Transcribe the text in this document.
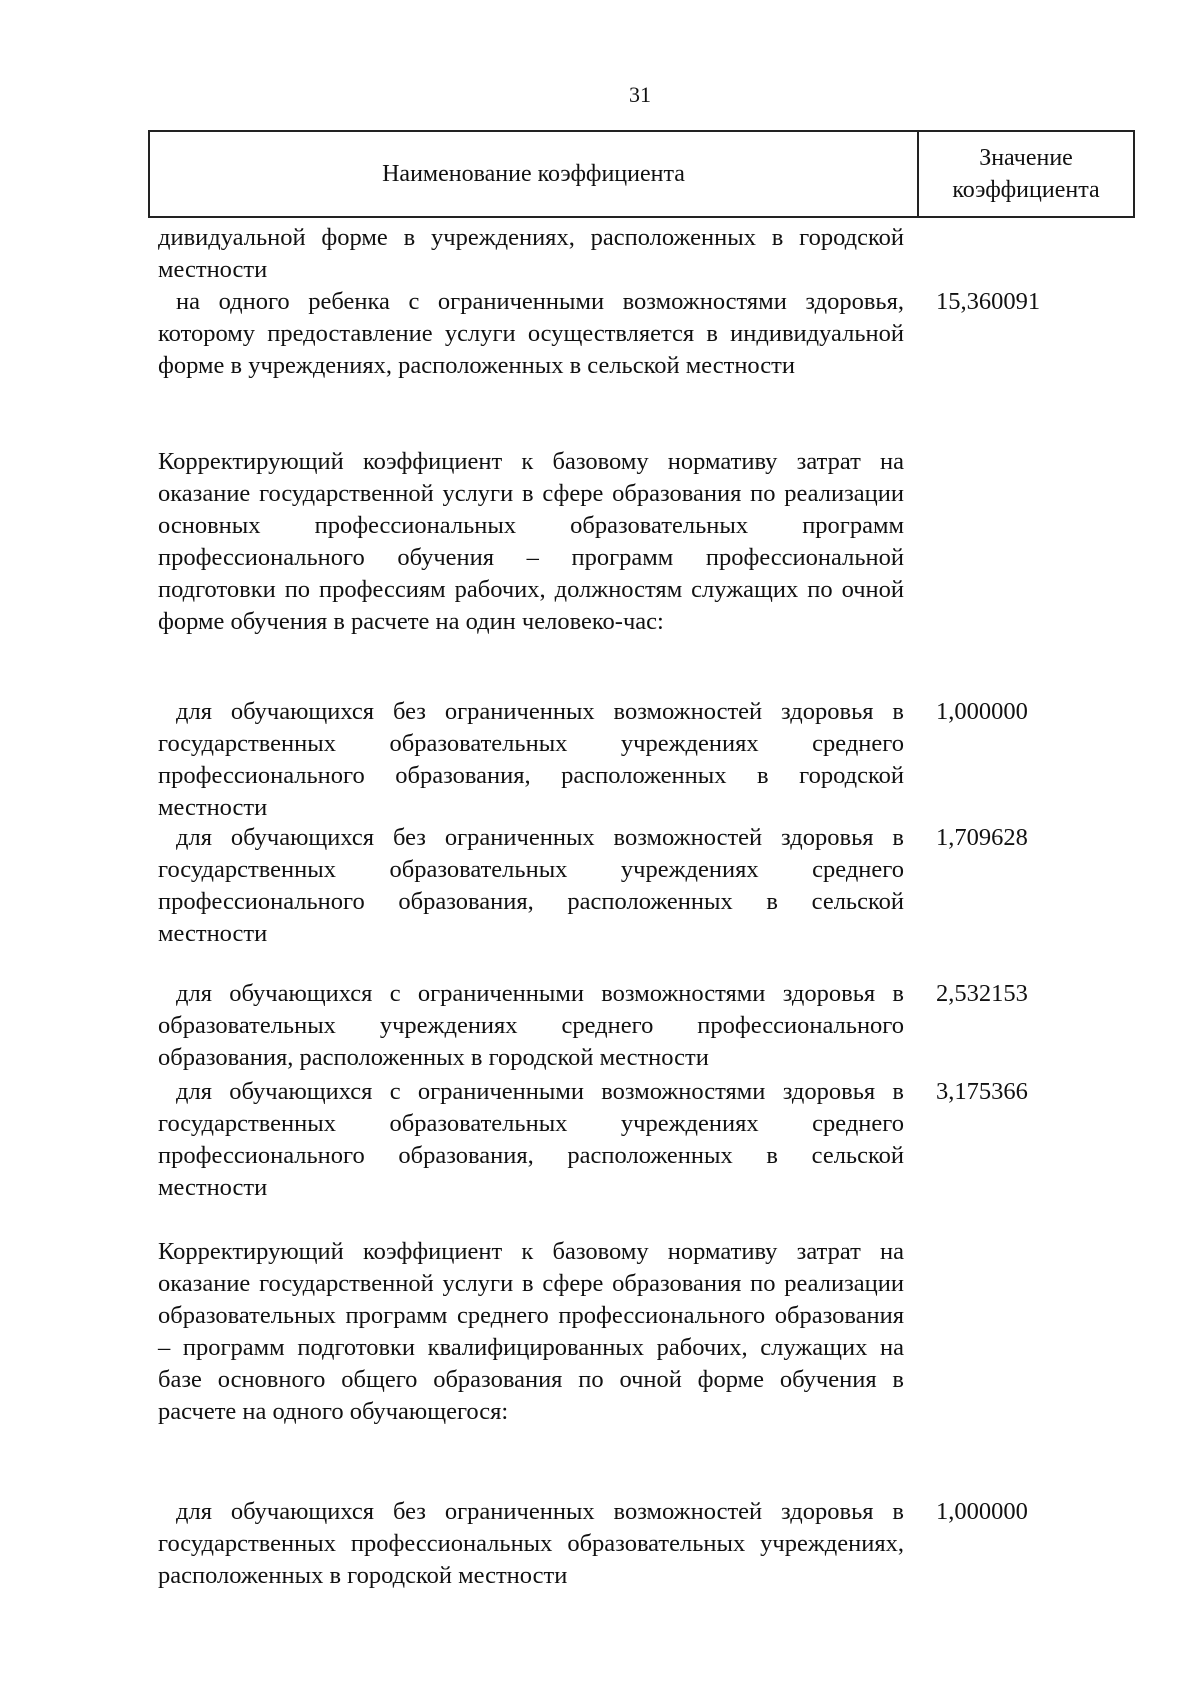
31
Наименование коэффициента
Значение коэффициента
дивидуальной форме в учреждениях, расположенных в городской местности
на одного ребенка с ограниченными возможностями здоровья, которому предоставление услуги осуществляется в индивидуальной форме в учреждениях, расположенных в сельской местности
15,360091
Корректирующий коэффициент к базовому нормативу затрат на оказание государственной услуги в сфере образования по реализации основных профессиональных образовательных программ профессионального обучения – программ профессиональной подготовки по профессиям рабочих, должностям служащих по очной форме обучения в расчете на один человеко-час:
для обучающихся без ограниченных возможностей здоровья в государственных образовательных учреждениях среднего профессионального образования, расположенных в городской местности
1,000000
для обучающихся без ограниченных возможностей здоровья в государственных образовательных учреждениях среднего профессионального образования, расположенных в сельской местности
1,709628
для обучающихся с ограниченными возможностями здоровья в образовательных учреждениях среднего профессионального образования, расположенных в городской местности
2,532153
для обучающихся с ограниченными возможностями здоровья в государственных образовательных учреждениях среднего профессионального образования, расположенных в сельской местности
3,175366
Корректирующий коэффициент к базовому нормативу затрат на оказание государственной услуги в сфере образования по реализации образовательных программ среднего профессионального образования – программ подготовки квалифицированных рабочих, служащих на базе основного общего образования по очной форме обучения в расчете на одного обучающегося:
для обучающихся без ограниченных возможностей здоровья в государственных профессиональных образовательных учреждениях, расположенных в городской местности
1,000000
